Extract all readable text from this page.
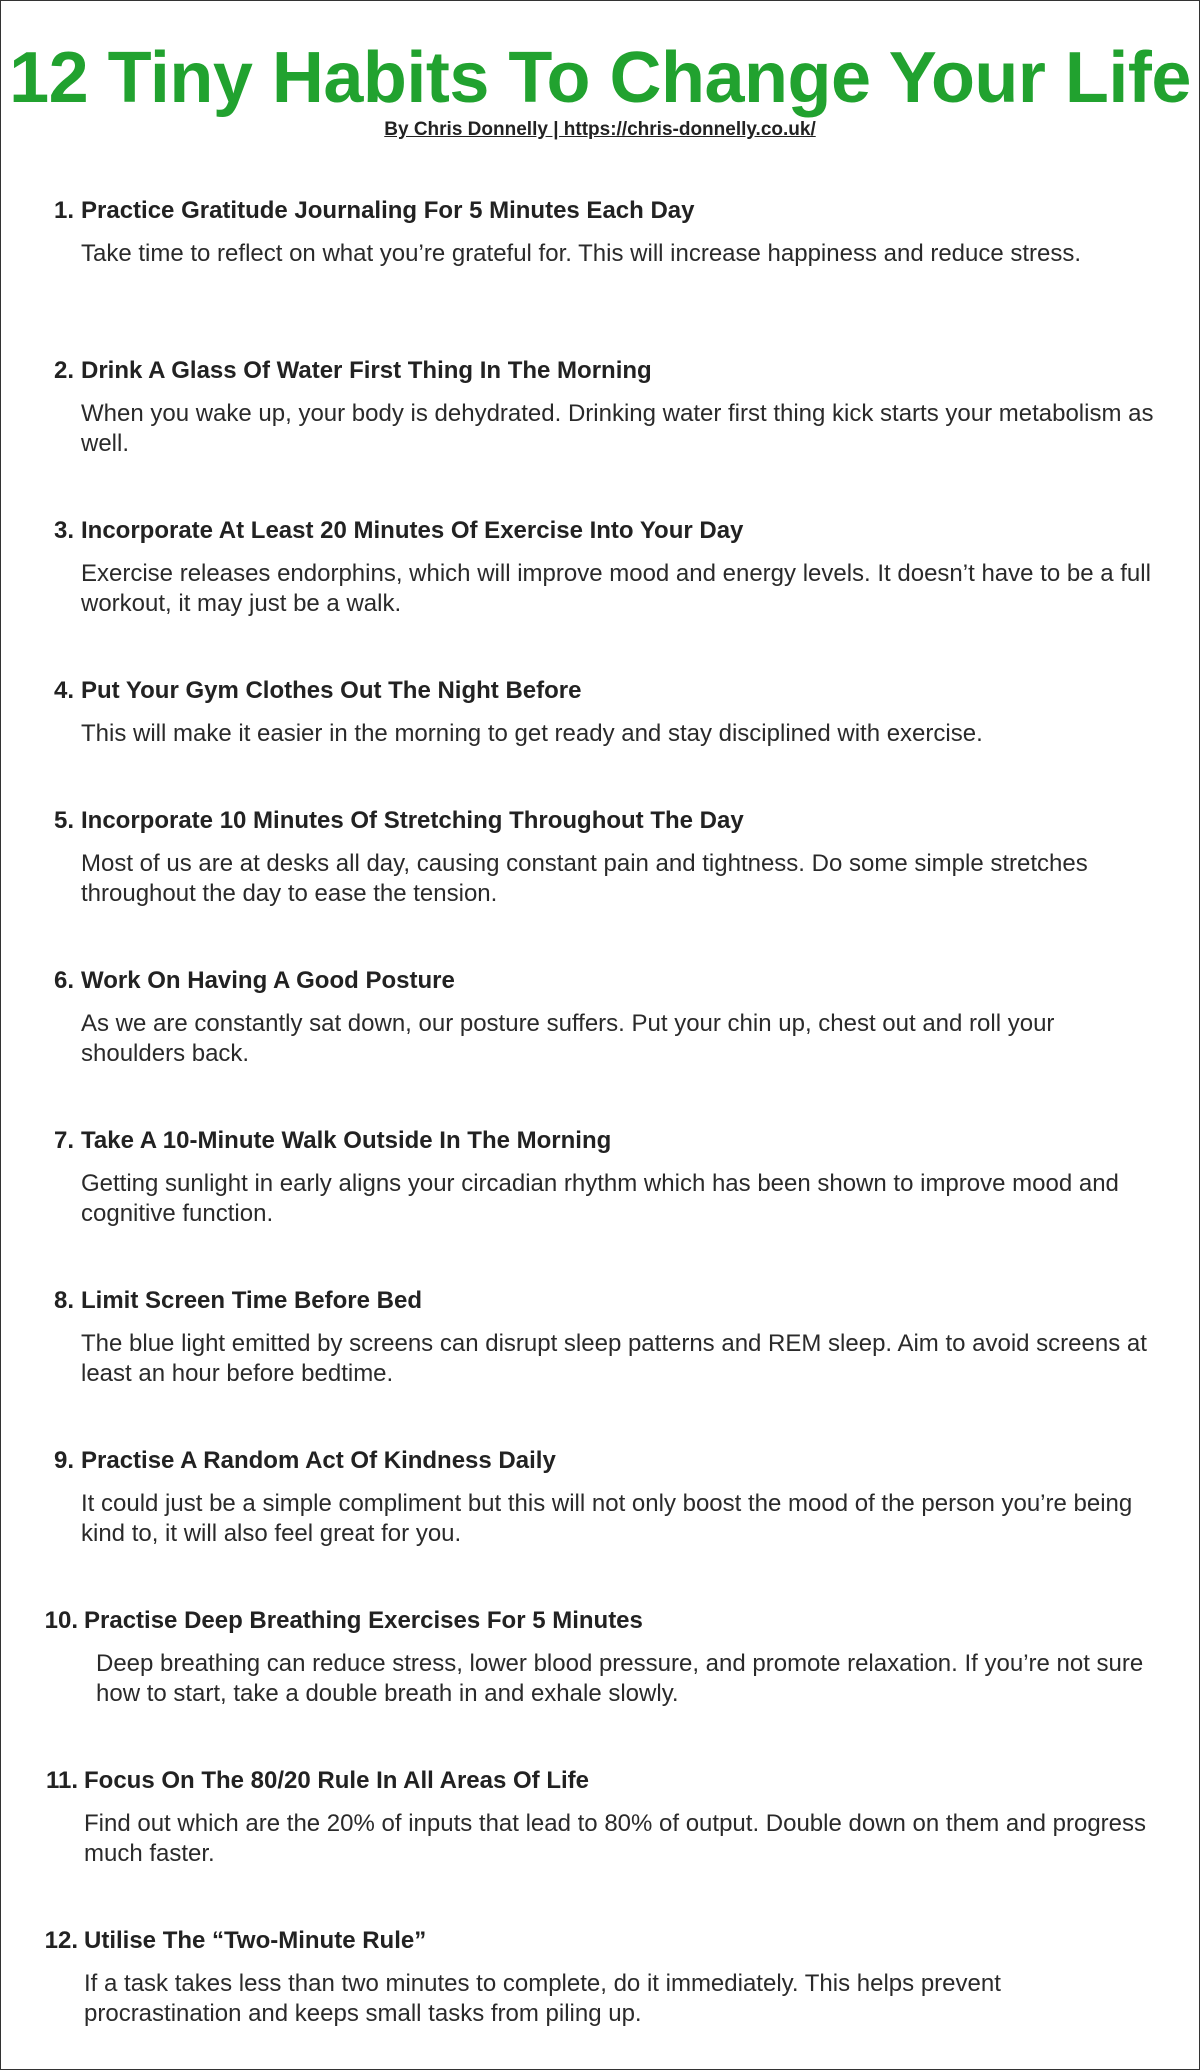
12 Tiny Habits To Change Your Life
By Chris Donnelly | https://chris-donnelly.co.uk/
1. Practice Gratitude Journaling For 5 Minutes Each Day

Take time to reflect on what you’re grateful for. This will increase happiness and reduce stress.

2. Drink A Glass Of Water First Thing In The Morning

When you wake up, your body is dehydrated. Drinking water first thing kick starts your metabolism as well.

3. Incorporate At Least 20 Minutes Of Exercise Into Your Day

Exercise releases endorphins, which will improve mood and energy levels. It doesn’t have to be a full workout, it may just be a walk.

4. Put Your Gym Clothes Out The Night Before

This will make it easier in the morning to get ready and stay disciplined with exercise.

5. Incorporate 10 Minutes Of Stretching Throughout The Day

Most of us are at desks all day, causing constant pain and tightness. Do some simple stretches throughout the day to ease the tension.

6. Work On Having A Good Posture

As we are constantly sat down, our posture suffers. Put your chin up, chest out and roll your shoulders back.

7. Take A 10-Minute Walk Outside In The Morning

Getting sunlight in early aligns your circadian rhythm which has been shown to improve mood and cognitive function.

8. Limit Screen Time Before Bed

The blue light emitted by screens can disrupt sleep patterns and REM sleep. Aim to avoid screens at least an hour before bedtime.

9. Practise A Random Act Of Kindness Daily

It could just be a simple compliment but this will not only boost the mood of the person you’re being kind to, it will also feel great for you.

10. Practise Deep Breathing Exercises For 5 Minutes

Deep breathing can reduce stress, lower blood pressure, and promote relaxation. If you’re not sure how to start, take a double breath in and exhale slowly.

11. Focus On The 80/20 Rule In All Areas Of Life

Find out which are the 20% of inputs that lead to 80% of output. Double down on them and progress much faster.

12. Utilise The “Two-Minute Rule”

If a task takes less than two minutes to complete, do it immediately. This helps prevent procrastination and keeps small tasks from piling up.
